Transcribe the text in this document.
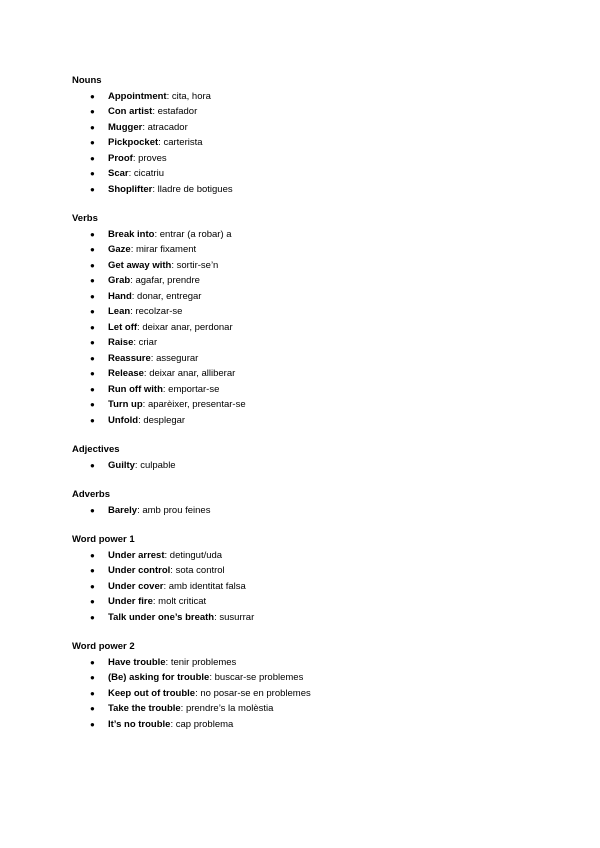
Nouns
● Appointment: cita, hora
● Con artist: estafador
● Mugger: atracador
● Pickpocket: carterista
● Proof: proves
● Scar: cicatriu
● Shoplifter: lladre de botigues
Verbs
● Break into: entrar (a robar) a
● Gaze: mirar fixament
● Get away with: sortir-se’n
● Grab: agafar, prendre
● Hand: donar, entregar
● Lean: recolzar-se
● Let off: deixar anar, perdonar
● Raise: criar
● Reassure: assegurar
● Release: deixar anar, alliberar
● Run off with: emportar-se
● Turn up: aparèixer, presentar-se
● Unfold: desplegar
Adjectives
● Guilty: culpable
Adverbs
● Barely: amb prou feines
Word power 1
● Under arrest: detingut/uda
● Under control: sota control
● Under cover: amb identitat falsa
● Under fire: molt criticat
● Talk under one’s breath: susurrar
Word power 2
● Have trouble: tenir problemes
● (Be) asking for trouble: buscar-se problemes
● Keep out of trouble: no posar-se en problemes
● Take the trouble: prendre’s la molèstia
● It’s no trouble: cap problema
